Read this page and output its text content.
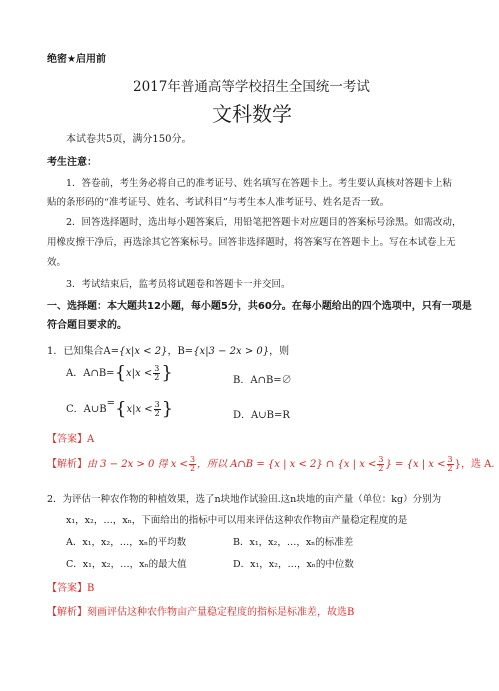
绝密★启用前
2017年普通高等学校招生全国统一考试
文科数学
本试卷共5页，满分150分。
考生注意：
1．答卷前，考生务必将自己的准考证号、姓名填写在答题卡上。考生要认真核对答题卡上粘
贴的条形码的“准考证号、姓名、考试科目”与考生本人准考证号、姓名是否一致。
2．回答选择题时，选出每小题答案后，用铅笔把答题卡对应题目的答案标号涂黑。如需改动，
用橡皮擦干净后，再选涂其它答案标号。回答非选择题时，将答案写在答题卡上。写在本试卷上无
效。
3．考试结束后，监考员将试题卷和答题卡一并交回。
一、选择题：本大题共12小题，每小题5分，共60分。在每小题给出的四个选项中，只有一项是
符合题目要求的。
1．已知集合A={x|x < 2}，B={x|3 − 2x > 0}，则
A．A∩B={x|x < $\frac{3}{2}$ }	B．A∩B=∅
C．A∪B={x|x < $\frac{3}{2}$ }	D．A∪B=R
【答案】A
【解析】由 3 − 2x > 0 得 $x < \frac{3}{2}$ ，所以 A∩B = {x | x < 2} ∩ {x | $x < \frac{3}{2}$ } = {x | $x < \frac{3}{2}$ }，选 A.
2．为评估一种农作物的种植效果，选了n块地作试验田.这n块地的亩产量（单位：kg）分别为
x₁，x₂，…，xₙ，下面给出的指标中可以用来评估这种农作物亩产量稳定程度的是
A．x₁，x₂，…，xₙ的平均数	B．x₁，x₂，…，xₙ的标准差
C．x₁，x₂，…，xₙ的最大值	D．x₁，x₂，…，xₙ的中位数
【答案】B
【解析】刻画评估这种农作物亩产量稳定程度的指标是标准差，故选B
